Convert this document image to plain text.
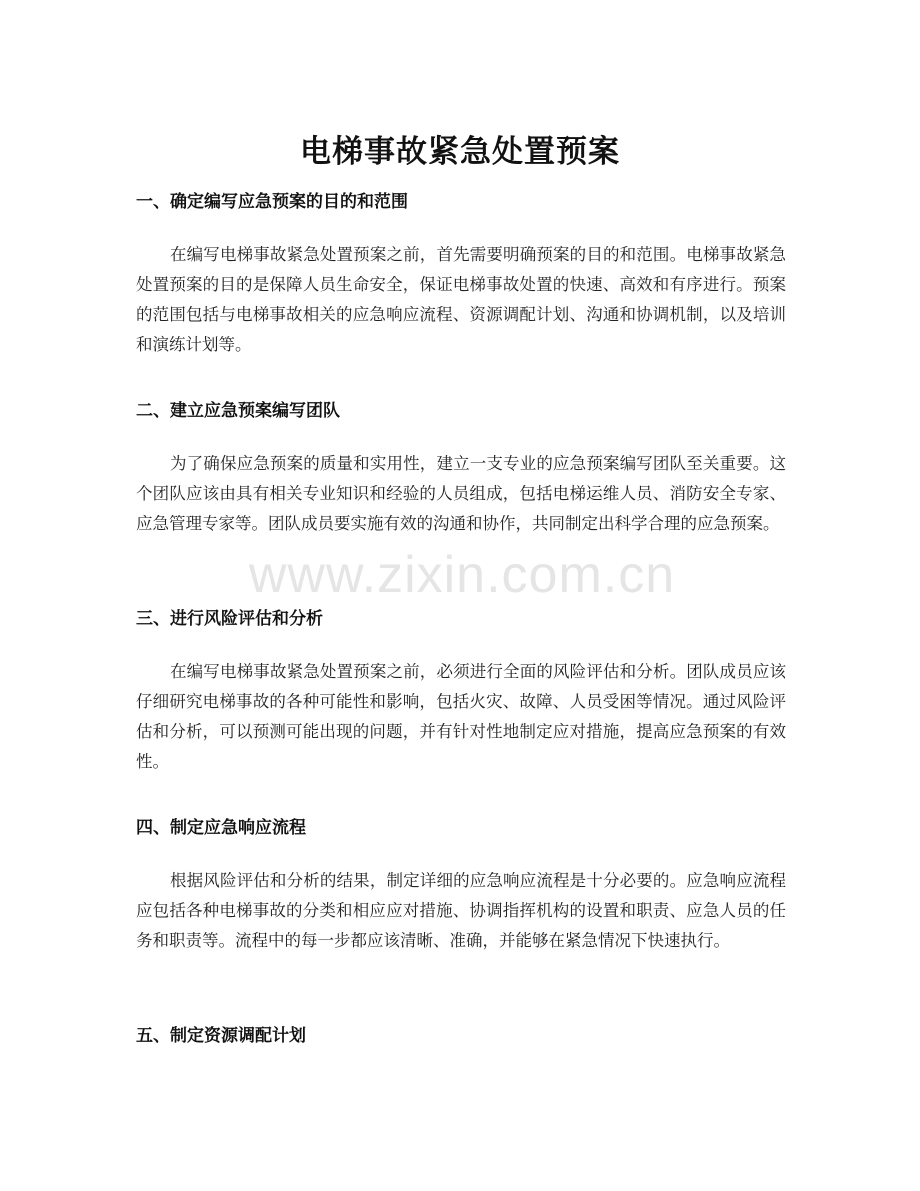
电梯事故紧急处置预案
一、确定编写应急预案的目的和范围

在编写电梯事故紧急处置预案之前，首先需要明确预案的目的和范围。电梯事故紧急处置预案的目的是保障人员生命安全，保证电梯事故处置的快速、高效和有序进行。预案的范围包括与电梯事故相关的应急响应流程、资源调配计划、沟通和协调机制，以及培训和演练计划等。

二、建立应急预案编写团队

为了确保应急预案的质量和实用性，建立一支专业的应急预案编写团队至关重要。这个团队应该由具有相关专业知识和经验的人员组成，包括电梯运维人员、消防安全专家、应急管理专家等。团队成员要实施有效的沟通和协作，共同制定出科学合理的应急预案。

三、进行风险评估和分析

在编写电梯事故紧急处置预案之前，必须进行全面的风险评估和分析。团队成员应该仔细研究电梯事故的各种可能性和影响，包括火灾、故障、人员受困等情况。通过风险评估和分析，可以预测可能出现的问题，并有针对性地制定应对措施，提高应急预案的有效性。

四、制定应急响应流程

根据风险评估和分析的结果，制定详细的应急响应流程是十分必要的。应急响应流程应包括各种电梯事故的分类和相应应对措施、协调指挥机构的设置和职责、应急人员的任务和职责等。流程中的每一步都应该清晰、准确，并能够在紧急情况下快速执行。

五、制定资源调配计划
www.zixin.com.cn
